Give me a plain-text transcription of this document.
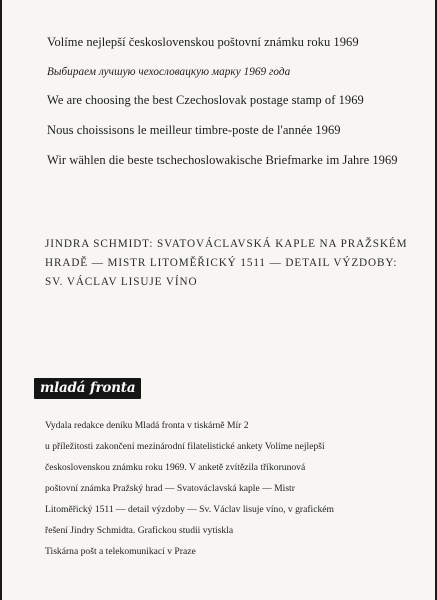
Volíme nejlepší československou poštovní známku roku 1969
Выбираем лучшую чехословацкую марку 1969 года
We are choosing the best Czechoslovak postage stamp of 1969
Nous choissisons le meilleur timbre-poste de l'année 1969
Wir wählen die beste tschechoslowakische Briefmarke im Jahre 1969
JINDRA SCHMIDT: SVATOVÁCLAVSKÁ KAPLE NA PRAŽSKÉM
HRADĚ — MISTR LITOMĚŘICKÝ 1511 — DETAIL VÝZDOBY:
SV. VÁCLAV LISUJE VÍNO
mladá fronta
Vydala redakce deníku Mladá fronta v tiskárně Mír 2
u příležitosti zakončení mezinárodní filatelistické ankety Volíme nejlepší
československou známku roku 1969. V anketě zvítězila tříkorunová
poštovní známka Pražský hrad — Svatováclavská kaple — Mistr
Litoměřický 1511 — detail výzdoby — Sv. Václav lisuje víno, v grafickém
řešení Jindry Schmidta. Grafickou studii vytiskla
Tiskárna pošt a telekomunikací v Praze
